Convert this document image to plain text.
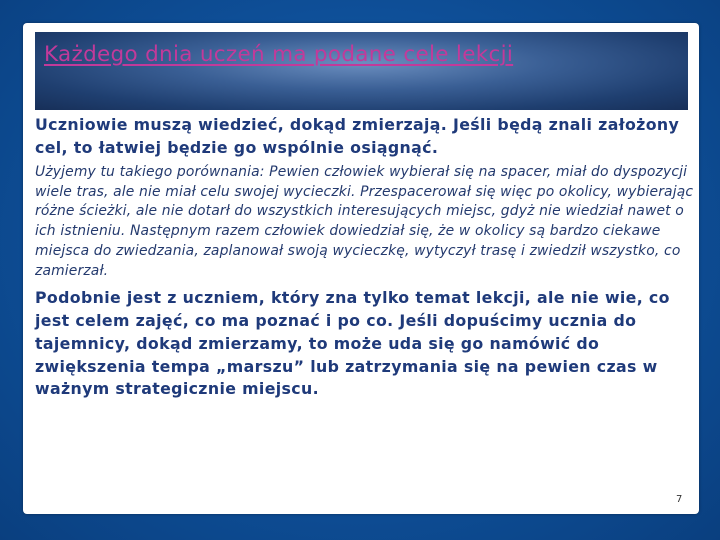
Każdego dnia uczeń ma podane cele lekcji

Uczniowie muszą wiedzieć, dokąd zmierzają. Jeśli będą znali założony cel, to łatwiej będzie go wspólnie osiągnąć.

Użyjemy tu takiego porównania: Pewien człowiek wybierał się na spacer, miał do dyspozycji wiele tras, ale nie miał celu swojej wycieczki. Przespacerował się więc po okolicy, wybierając różne ścieżki, ale nie dotarł do wszystkich interesujących miejsc, gdyż nie wiedział nawet o ich istnieniu. Następnym razem człowiek dowiedział się, że w okolicy są bardzo ciekawe miejsca do zwiedzania, zaplanował swoją wycieczkę, wytyczył trasę i zwiedził wszystko, co zamierzał.

Podobnie jest z uczniem, który zna tylko temat lekcji, ale nie wie, co jest celem zajęć, co ma poznać i po co. Jeśli dopuścimy ucznia do tajemnicy, dokąd zmierzamy, to może uda się go namówić do zwiększenia tempa „marszu” lub zatrzymania się na pewien czas w ważnym strategicznie miejscu.

7
